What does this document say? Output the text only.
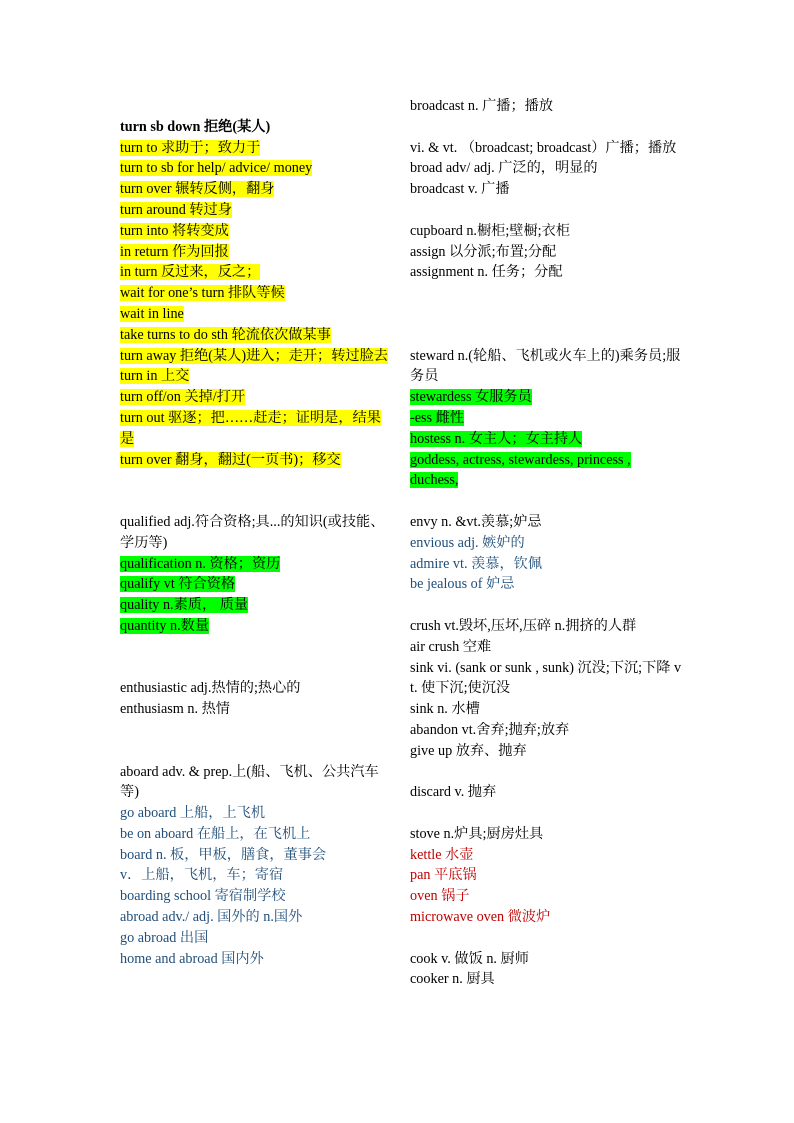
turn sb down 拒绝(某人)
turn to 求助于；致力于
turn to sb for help/ advice/ money
turn over 辗转反侧，翻身
turn around 转过身
turn into 将转变成
in return 作为回报
in turn 反过来，反之；
wait for one’s turn 排队等候
wait in line
take turns to do sth 轮流依次做某事
turn away 拒绝(某人)进入；走开；转过脸去
turn in 上交
turn off/on 关掉/打开
turn out 驱逐；把……赶走；证明是，结果是
turn over 翻身，翻过(一页书)；移交
qualified adj.符合资格;具...的知识(或技能、学历等)
qualification n. 资格；资历
qualify vt 符合资格
quality n.素质， 质量
quantity n.数量
enthusiastic adj.热情的;热心的
enthusiasm n. 热情
aboard adv. & prep.上(船、飞机、公共汽车等)
go aboard 上船，上飞机
be on aboard 在船上，在飞机上
board n. 板，甲板，膳食，董事会
v．上船，飞机，车；寄宿
boarding school 寄宿制学校
abroad adv./ adj. 国外的 n.国外
go abroad 出国
home and abroad 国内外
broadcast n. 广播；播放
vi. & vt. （broadcast; broadcast）广播；播放
broad adv/ adj. 广泛的，明显的
broadcast v. 广播
cupboard n.橱柜;壁橱;衣柜
assign 以分派;布置;分配
assignment n. 任务；分配
steward n.(轮船、飞机或火车上的)乘务员;服务员
stewardess 女服务员
-ess 雌性
hostess n. 女主人；女主持人
goddess, actress, stewardess, princess ,
duchess,
envy n. &vt.羡慕;妒忌
envious adj. 嫉妒的
admire vt. 羡慕，钦佩
be jealous of 妒忌
crush vt.毁坏,压坏,压碎 n.拥挤的人群
air crush 空难
sink vi. (sank or sunk , sunk) 沉没;下沉;下降 vt. 使下沉;使沉没
sink n. 水槽
abandon vt.舍弃;抛弃;放弃
give up 放弃、抛弃
discard v. 抛弃
stove n.炉具;厨房灶具
kettle 水壶
pan 平底锅
oven 锅子
microwave oven 微波炉
cook v. 做饭 n. 厨师
cooker n. 厨具
